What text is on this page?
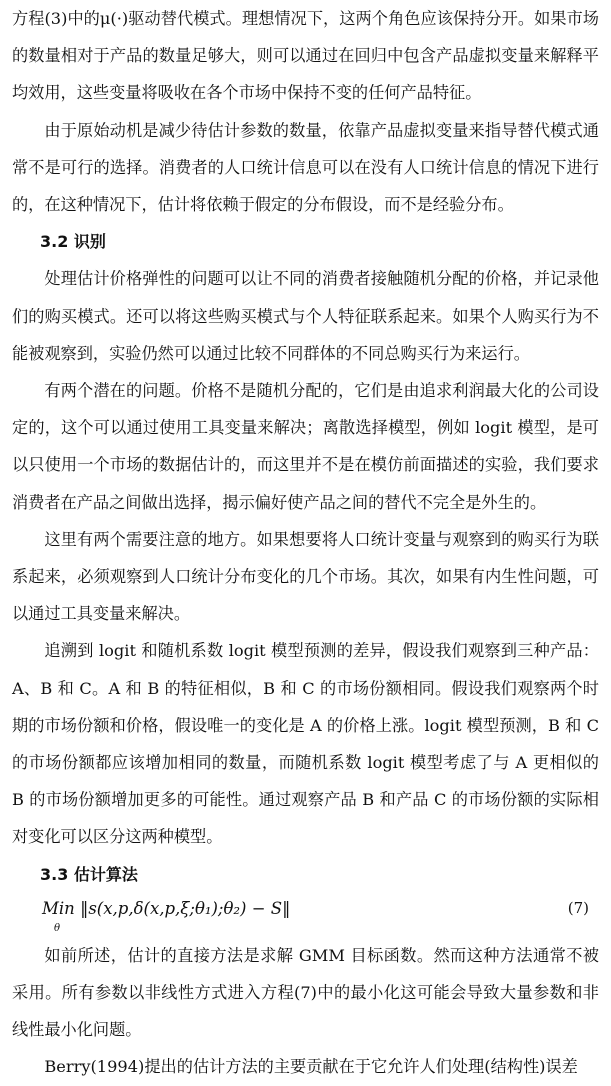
方程(3)中的μ(·)驱动替代模式。理想情况下，这两个角色应该保持分开。如果市场的数量相对于产品的数量足够大，则可以通过在回归中包含产品虚拟变量来解释平均效用，这些变量将吸收在各个市场中保持不变的任何产品特征。

由于原始动机是减少待估计参数的数量，依靠产品虚拟变量来指导替代模式通常不是可行的选择。消费者的人口统计信息可以在没有人口统计信息的情况下进行的，在这种情况下，估计将依赖于假定的分布假设，而不是经验分布。

3.2 识别

处理估计价格弹性的问题可以让不同的消费者接触随机分配的价格，并记录他们的购买模式。还可以将这些购买模式与个人特征联系起来。如果个人购买行为不能被观察到，实验仍然可以通过比较不同群体的不同总购买行为来运行。

有两个潜在的问题。价格不是随机分配的，它们是由追求利润最大化的公司设定的，这个可以通过使用工具变量来解决；离散选择模型，例如 logit 模型，是可以只使用一个市场的数据估计的，而这里并不是在模仿前面描述的实验，我们要求消费者在产品之间做出选择，揭示偏好使产品之间的替代不完全是外生的。

这里有两个需要注意的地方。如果想要将人口统计变量与观察到的购买行为联系起来，必须观察到人口统计分布变化的几个市场。其次，如果有内生性问题，可以通过工具变量来解决。

追溯到 logit 和随机系数 logit 模型预测的差异，假设我们观察到三种产品：A、B 和 C。A 和 B 的特征相似，B 和 C 的市场份额相同。假设我们观察两个时期的市场份额和价格，假设唯一的变化是 A 的价格上涨。logit 模型预测，B 和 C 的市场份额都应该增加相同的数量，而随机系数 logit 模型考虑了与 A 更相似的 B 的市场份额增加更多的可能性。通过观察产品 B 和产品 C 的市场份额的实际相对变化可以区分这两种模型。

3.3 估计算法
Min ‖s(x,p,δ(x,p,ξ;θ₁);θ₂) − S‖
θ
(7)

如前所述，估计的直接方法是求解 GMM 目标函数。然而这种方法通常不被采用。所有参数以非线性方式进入方程(7)中的最小化这可能会导致大量参数和非线性最小化问题。

Berry(1994)提出的估计方法的主要贡献在于它允许人们处理(结构性)误差
